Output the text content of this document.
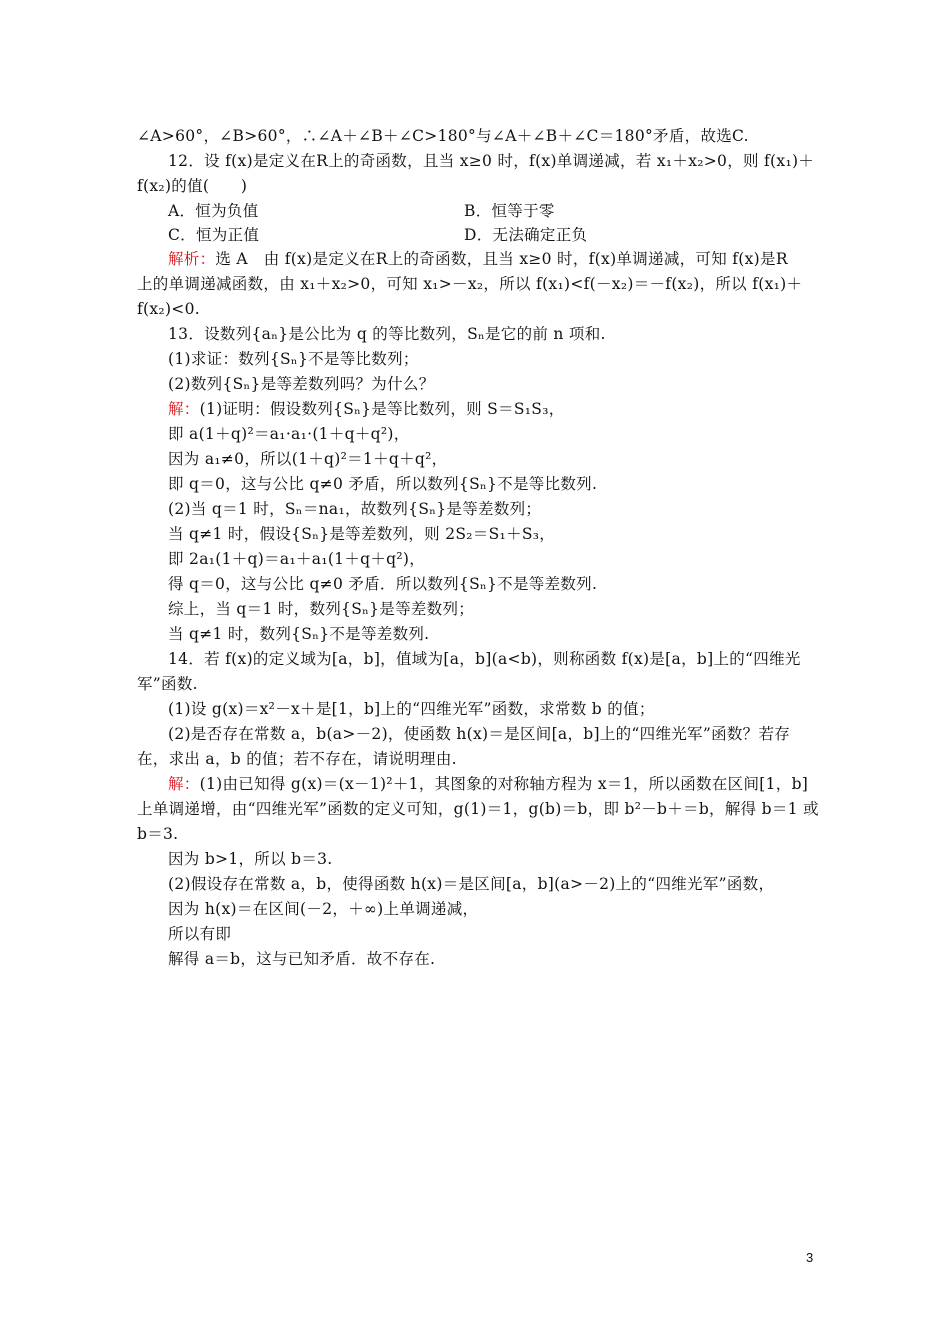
∠A>60°，∠B>60°，∴∠A＋∠B＋∠C>180°与∠A＋∠B＋∠C＝180°矛盾，故选C.
12．设 f(x)是定义在R上的奇函数，且当 x≥0 时，f(x)单调递减，若 x₁＋x₂>0，则 f(x₁)＋
f(x₂)的值(　　)
A．恒为负值	B．恒等于零
C．恒为正值	D．无法确定正负
解析：选 A　由 f(x)是定义在R上的奇函数，且当 x≥0 时，f(x)单调递减，可知 f(x)是R
上的单调递减函数，由 x₁＋x₂>0，可知 x₁>－x₂，所以 f(x₁)<f(－x₂)＝－f(x₂)，所以 f(x₁)＋
f(x₂)<0.
13．设数列{aₙ}是公比为 q 的等比数列，Sₙ是它的前 n 项和.
(1)求证：数列{Sₙ}不是等比数列；
(2)数列{Sₙ}是等差数列吗？为什么？
解：(1)证明：假设数列{Sₙ}是等比数列，则 S＝S₁S₃，
即 a(1＋q)²＝a₁·a₁·(1＋q＋q²)，
因为 a₁≠0，所以(1＋q)²＝1＋q＋q²，
即 q＝0，这与公比 q≠0 矛盾，所以数列{Sₙ}不是等比数列.
(2)当 q＝1 时，Sₙ＝na₁，故数列{Sₙ}是等差数列；
当 q≠1 时，假设{Sₙ}是等差数列，则 2S₂＝S₁＋S₃，
即 2a₁(1＋q)＝a₁＋a₁(1＋q＋q²)，
得 q＝0，这与公比 q≠0 矛盾．所以数列{Sₙ}不是等差数列.
综上，当 q＝1 时，数列{Sₙ}是等差数列；
当 q≠1 时，数列{Sₙ}不是等差数列.
14．若 f(x)的定义域为[a，b]，值域为[a，b](a<b)，则称函数 f(x)是[a，b]上的“四维光
军”函数.
(1)设 g(x)＝x²－x＋是[1，b]上的“四维光军”函数，求常数 b 的值；
(2)是否存在常数 a，b(a>－2)，使函数 h(x)＝是区间[a，b]上的“四维光军”函数？若存
在，求出 a，b 的值；若不存在，请说明理由.
解：(1)由已知得 g(x)＝(x－1)²＋1，其图象的对称轴方程为 x＝1，所以函数在区间[1，b]
上单调递增，由“四维光军”函数的定义可知，g(1)＝1，g(b)＝b，即 b²－b＋＝b，解得 b＝1 或
b＝3.
因为 b>1，所以 b＝3.
(2)假设存在常数 a，b，使得函数 h(x)＝是区间[a，b](a>－2)上的“四维光军”函数，
因为 h(x)＝在区间(－2，＋∞)上单调递减，
所以有即
解得 a＝b，这与已知矛盾．故不存在.
3
